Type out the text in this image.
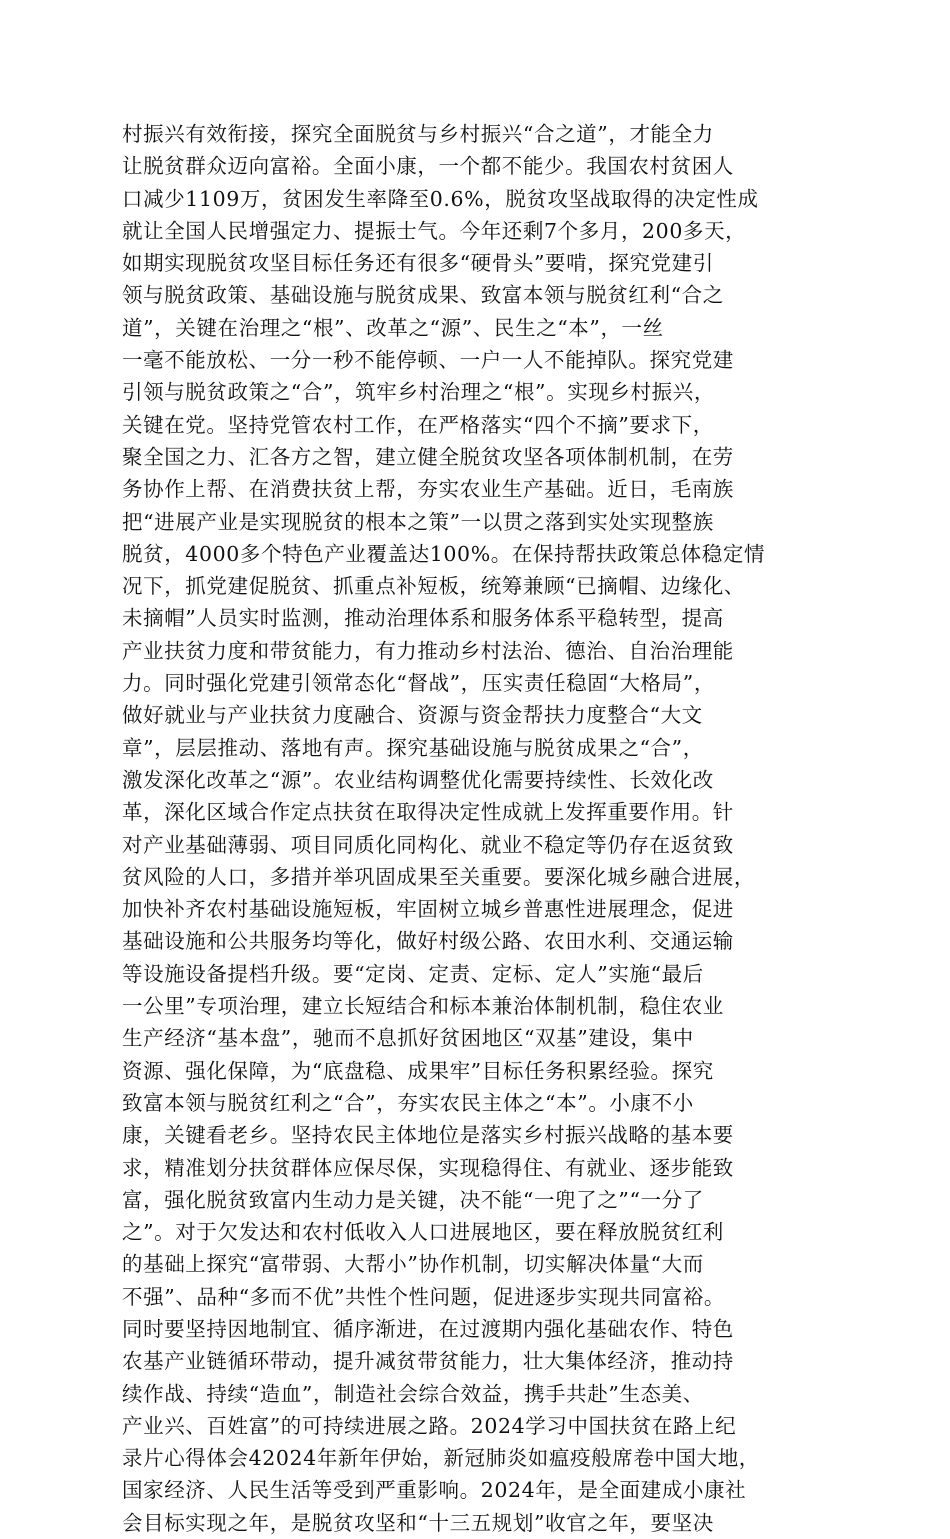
村振兴有效衔接，探究全面脱贫与乡村振兴“合之道”，才能全力
让脱贫群众迈向富裕。全面小康，一个都不能少。我国农村贫困人
口减少1109万，贫困发生率降至0.6%，脱贫攻坚战取得的决定性成
就让全国人民增强定力、提振士气。今年还剩7个多月，200多天，
如期实现脱贫攻坚目标任务还有很多“硬骨头”要啃，探究党建引
领与脱贫政策、基础设施与脱贫成果、致富本领与脱贫红利“合之
道”，关键在治理之“根”、改革之“源”、民生之“本”，一丝
一毫不能放松、一分一秒不能停顿、一户一人不能掉队。探究党建
引领与脱贫政策之“合”，筑牢乡村治理之“根”。实现乡村振兴，
关键在党。坚持党管农村工作，在严格落实“四个不摘”要求下，
聚全国之力、汇各方之智，建立健全脱贫攻坚各项体制机制，在劳
务协作上帮、在消费扶贫上帮，夯实农业生产基础。近日，毛南族
把“进展产业是实现脱贫的根本之策”一以贯之落到实处实现整族
脱贫，4000多个特色产业覆盖达100%。在保持帮扶政策总体稳定情
况下，抓党建促脱贫、抓重点补短板，统筹兼顾“已摘帽、边缘化、
未摘帽”人员实时监测，推动治理体系和服务体系平稳转型，提高
产业扶贫力度和带贫能力，有力推动乡村法治、德治、自治治理能
力。同时强化党建引领常态化“督战”，压实责任稳固“大格局”，
做好就业与产业扶贫力度融合、资源与资金帮扶力度整合“大文
章”，层层推动、落地有声。探究基础设施与脱贫成果之“合”，
激发深化改革之“源”。农业结构调整优化需要持续性、长效化改
革，深化区域合作定点扶贫在取得决定性成就上发挥重要作用。针
对产业基础薄弱、项目同质化同构化、就业不稳定等仍存在返贫致
贫风险的人口，多措并举巩固成果至关重要。要深化城乡融合进展，
加快补齐农村基础设施短板，牢固树立城乡普惠性进展理念，促进
基础设施和公共服务均等化，做好村级公路、农田水利、交通运输
等设施设备提档升级。要“定岗、定责、定标、定人”实施“最后
一公里”专项治理，建立长短结合和标本兼治体制机制，稳住农业
生产经济“基本盘”，驰而不息抓好贫困地区“双基”建设，集中
资源、强化保障，为“底盘稳、成果牢”目标任务积累经验。探究
致富本领与脱贫红利之“合”，夯实农民主体之“本”。小康不小
康，关键看老乡。坚持农民主体地位是落实乡村振兴战略的基本要
求，精准划分扶贫群体应保尽保，实现稳得住、有就业、逐步能致
富，强化脱贫致富内生动力是关键，决不能“一兜了之”“一分了
之”。对于欠发达和农村低收入人口进展地区，要在释放脱贫红利
的基础上探究“富带弱、大帮小”协作机制，切实解决体量“大而
不强”、品种“多而不优”共性个性问题，促进逐步实现共同富裕。
同时要坚持因地制宜、循序渐进，在过渡期内强化基础农作、特色
农基产业链循环带动，提升减贫带贫能力，壮大集体经济，推动持
续作战、持续“造血”，制造社会综合效益，携手共赴”生态美、
产业兴、百姓富”的可持续进展之路。2024学习中国扶贫在路上纪
录片心得体会42024年新年伊始，新冠肺炎如瘟疫般席卷中国大地，
国家经济、人民生活等受到严重影响。2024年，是全面建成小康社
会目标实现之年，是脱贫攻坚和“十三五规划”收官之年，要坚决
